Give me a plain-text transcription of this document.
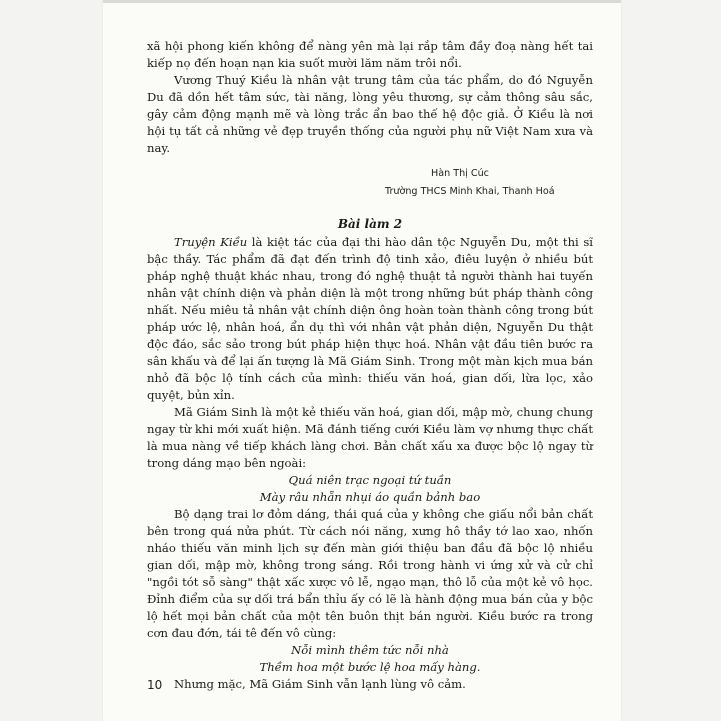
xã hội phong kiến không để nàng yên mà lại rắp tâm đầy đoạ nàng hết tai kiếp nọ đến hoạn nạn kia suốt mười lăm năm trôi nổi.

Vương Thuý Kiều là nhân vật trung tâm của tác phẩm, do đó Nguyễn Du đã dồn hết tâm sức, tài năng, lòng yêu thương, sự cảm thông sâu sắc, gây cảm động mạnh mẽ và lòng trắc ẩn bao thế hệ độc giả. Ở Kiều là nơi hội tụ tất cả những vẻ đẹp truyền thống của người phụ nữ Việt Nam xưa và nay.

Hàn Thị Cúc

Trường THCS Minh Khai, Thanh Hoá

Bài làm 2

Truyện Kiều là kiệt tác của đại thi hào dân tộc Nguyễn Du, một thi sĩ bậc thầy. Tác phẩm đã đạt đến trình độ tinh xảo, điêu luyện ở nhiều bút pháp nghệ thuật khác nhau, trong đó nghệ thuật tả người thành hai tuyến nhân vật chính diện và phản diện là một trong những bút pháp thành công nhất. Nếu miêu tả nhân vật chính diện ông hoàn toàn thành công trong bút pháp ước lệ, nhân hoá, ẩn dụ thì với nhân vật phản diện, Nguyễn Du thật độc đáo, sắc sảo trong bút pháp hiện thực hoá. Nhân vật đầu tiên bước ra sân khấu và để lại ấn tượng là Mã Giám Sinh. Trong một màn kịch mua bán nhỏ đã bộc lộ tính cách của mình: thiếu văn hoá, gian dối, lừa lọc, xảo quyệt, bủn xỉn.

Mã Giám Sinh là một kẻ thiếu văn hoá, gian dối, mập mờ, chung chung ngay từ khi mới xuất hiện. Mã đánh tiếng cưới Kiều làm vợ nhưng thực chất là mua nàng về tiếp khách làng chơi. Bản chất xấu xa được bộc lộ ngay từ trong dáng mạo bên ngoài:

Quá niên trạc ngoại tứ tuần

Mày râu nhẵn nhụi áo quần bảnh bao

Bộ dạng trai lơ đỏm dáng, thái quá của y không che giấu nổi bản chất bên trong quá nửa phút. Từ cách nói năng, xưng hô thầy tớ lao xao, nhốn nháo thiếu văn minh lịch sự đến màn giới thiệu ban đầu đã bộc lộ nhiều gian dối, mập mờ, không trong sáng. Rồi trong hành vi ứng xử và cử chỉ "ngồi tót sỗ sàng" thật xấc xược vô lễ, ngạo mạn, thô lỗ của một kẻ vô học. Đỉnh điểm của sự dối trá bẩn thỉu ấy có lẽ là hành động mua bán của y bộc lộ hết mọi bản chất của một tên buôn thịt bán người. Kiều bước ra trong cơn đau đớn, tái tê đến vô cùng:

Nỗi mình thêm tức nỗi nhà

Thềm hoa một bước lệ hoa mấy hàng.

Nhưng mặc, Mã Giám Sinh vẫn lạnh lùng vô cảm.

10
